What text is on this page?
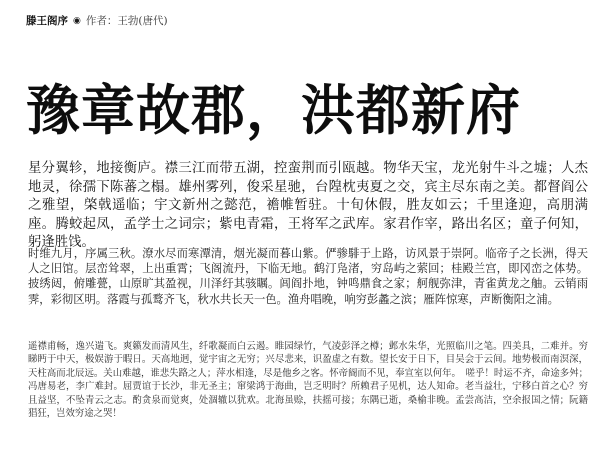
滕王阁序 ◉ 作者：王勃(唐代)
豫章故郡，洪都新府

星分翼轸，地接衡庐。襟三江而带五湖，控蛮荆而引瓯越。物华天宝，龙光射牛斗之墟；人杰地灵，徐孺下陈蕃之榻。雄州雾列，俊采星驰，台隍枕夷夏之交，宾主尽东南之美。都督阎公之雅望，棨戟遥临；宇文新州之懿范，襜帷暂驻。十旬休假，胜友如云；千里逢迎，高朋满座。腾蛟起凤，孟学士之词宗；紫电青霜，王将军之武库。家君作宰，路出名区；童子何知，躬逢胜饯。

时维九月，序属三秋。潦水尽而寒潭清，烟光凝而暮山紫。俨骖騑于上路，访风景于崇阿。临帝子之长洲，得天人之旧馆。层峦耸翠，上出重霄；飞阁流丹，下临无地。鹤汀凫渚，穷岛屿之萦回；桂殿兰宫，即冈峦之体势。披绣闼，俯雕甍，山原旷其盈视，川泽纡其骇瞩。闾阎扑地，钟鸣鼎食之家；舸舰弥津，青雀黄龙之舳。云销雨霁，彩彻区明。落霞与孤鹜齐飞，秋水共长天一色。渔舟唱晚，响穷彭蠡之滨；雁阵惊寒，声断衡阳之浦。

遥襟甫畅，逸兴遄飞。爽籁发而清风生，纤歌凝而白云遏。睢园绿竹，气凌彭泽之樽；邺水朱华，光照临川之笔。四美具，二难并。穷睇眄于中天，极娱游于暇日。天高地迥，觉宇宙之无穷；兴尽悲来，识盈虚之有数。望长安于日下，目吴会于云间。地势极而南溟深，天柱高而北辰远。关山难越，谁悲失路之人；萍水相逢，尽是他乡之客。怀帝阍而不见，奉宣室以何年。　嗟乎！时运不齐，命途多舛；冯唐易老，李广难封。屈贾谊于长沙，非无圣主；窜梁鸿于海曲，岂乏明时？所赖君子见机，达人知命。老当益壮，宁移白首之心？穷且益坚，不坠青云之志。酌贪泉而觉爽，处涸辙以犹欢。北海虽赊，扶摇可接；东隅已逝，桑榆非晚。孟尝高洁，空余报国之情；阮籍猖狂，岂效穷途之哭！
